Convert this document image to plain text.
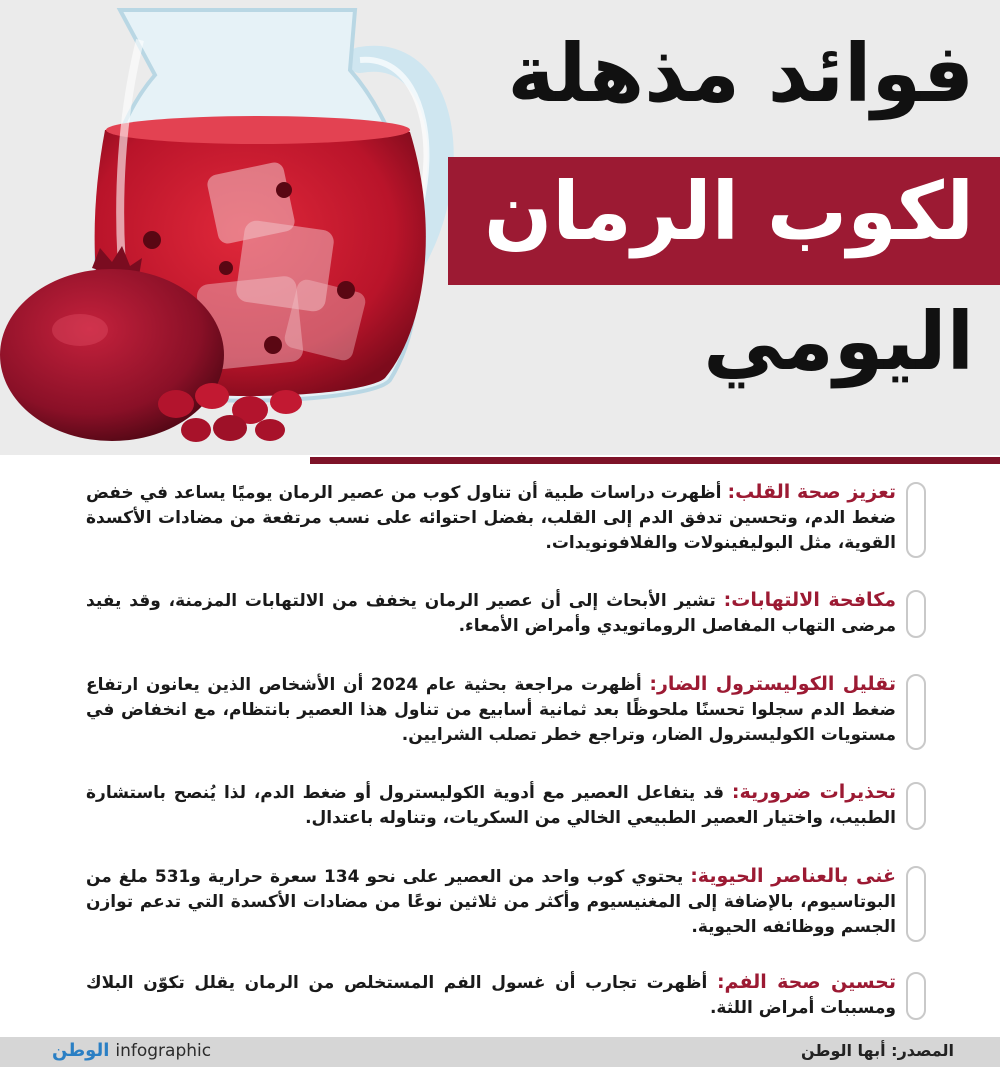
فوائد مذهلة
لكوب الرمان
اليومي

تعزيز صحة القلب: أظهرت دراسات طبية أن تناول كوب من عصير الرمان يوميًا يساعد في خفض ضغط الدم، وتحسين تدفق الدم إلى القلب، بفضل احتوائه على نسب مرتفعة من مضادات الأكسدة القوية، مثل البوليفينولات والفلافونويدات.

مكافحة الالتهابات: تشير الأبحاث إلى أن عصير الرمان يخفف من الالتهابات المزمنة، وقد يفيد مرضى التهاب المفاصل الروماتويدي وأمراض الأمعاء.

تقليل الكوليسترول الضار: أظهرت مراجعة بحثية عام 2024 أن الأشخاص الذين يعانون ارتفاع ضغط الدم سجلوا تحسنًا ملحوظًا بعد ثمانية أسابيع من تناول هذا العصير بانتظام، مع انخفاض في مستويات الكوليسترول الضار، وتراجع خطر تصلب الشرايين.

تحذيرات ضرورية: قد يتفاعل العصير مع أدوية الكوليسترول أو ضغط الدم، لذا يُنصح باستشارة الطبيب، واختيار العصير الطبيعي الخالي من السكريات، وتناوله باعتدال.

غنى بالعناصر الحيوية: يحتوي كوب واحد من العصير على نحو 134 سعرة حرارية و531 ملغ من البوتاسيوم، بالإضافة إلى المغنيسيوم وأكثر من ثلاثين نوعًا من مضادات الأكسدة التي تدعم توازن الجسم ووظائفه الحيوية.

تحسين صحة الفم: أظهرت تجارب أن غسول الفم المستخلص من الرمان يقلل تكوّن البلاك ومسببات أمراض اللثة.

المصدر: أبها الوطن
الوطن infographic
